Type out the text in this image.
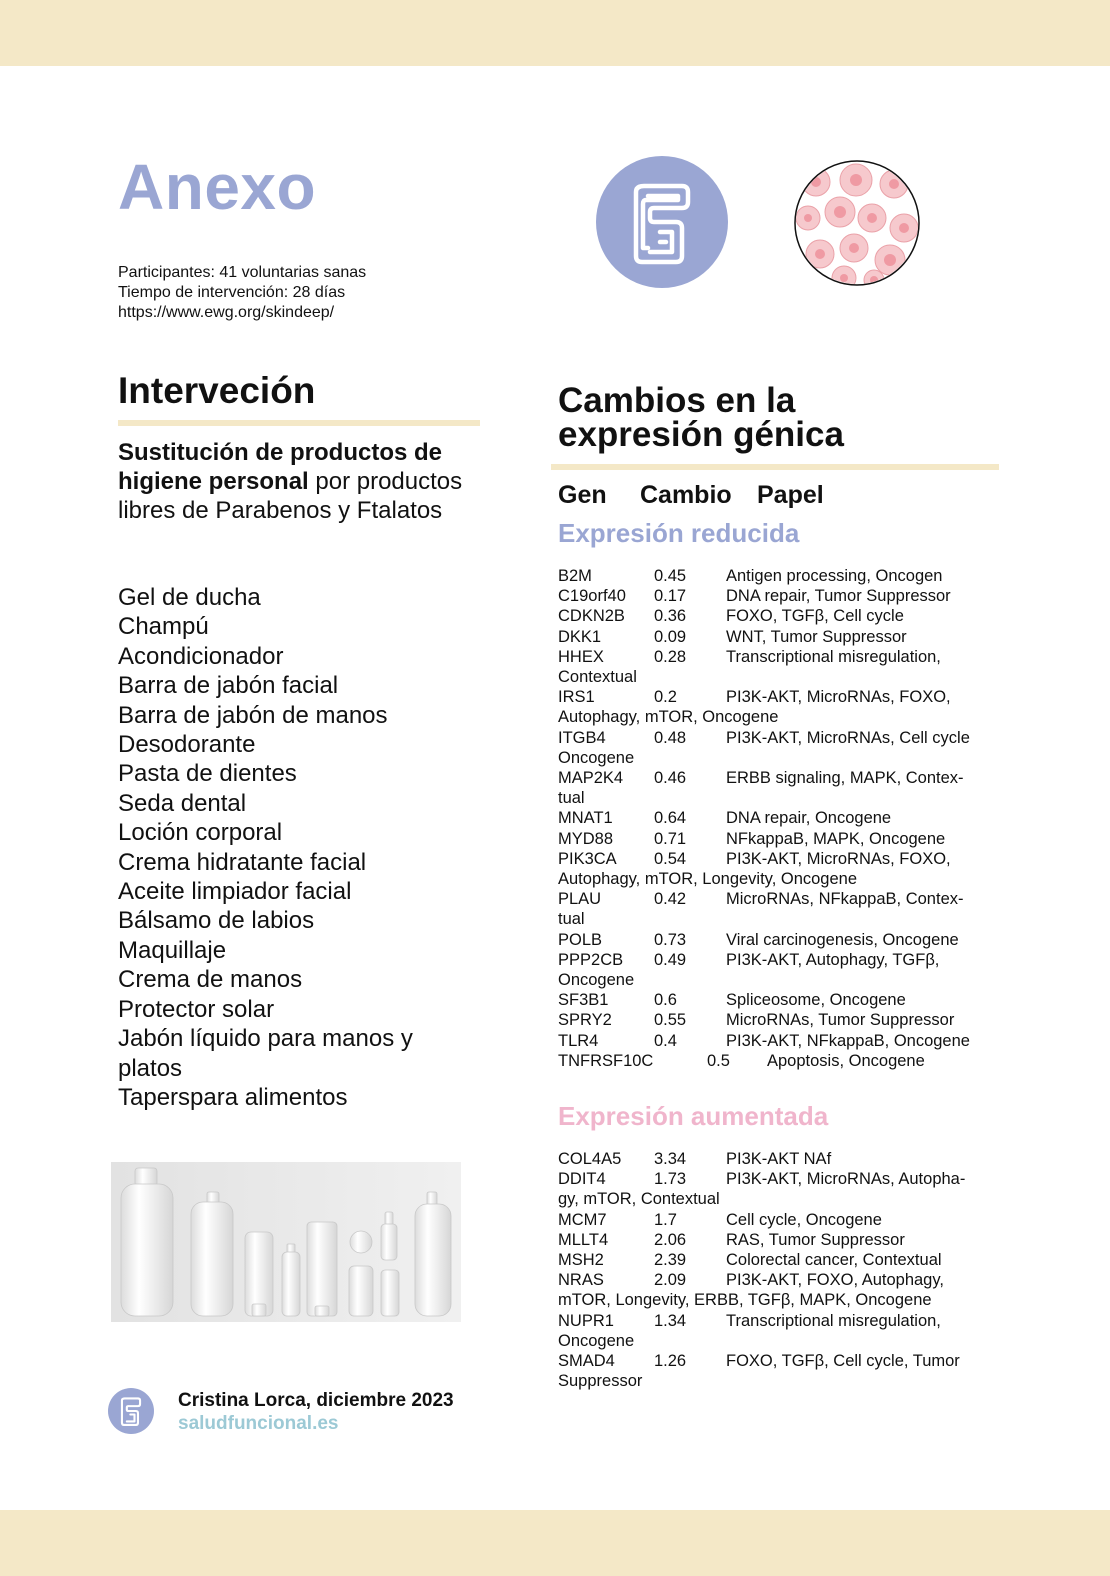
Anexo
Participantes: 41 voluntarias sanas
Tiempo de intervención: 28 días
https://www.ewg.org/skindeep/
Interveción
Sustitución de productos de higiene personal por productos libres de Parabenos y Ftalatos
Gel de ducha
Champú
Acondicionador
Barra de jabón facial
Barra de jabón de manos
Desodorante
Pasta de dientes
Seda dental
Loción corporal
Crema hidratante facial
Aceite limpiador facial
Bálsamo de labios
Maquillaje
Crema de manos
Protector solar
Jabón líquido para manos y platos
Taperspara alimentos
Cristina Lorca, diciembre 2023
saludfuncional.es
Cambios en la
expresión génica
Gen Cambio Papel
Expresión reducida
B2M	0.45	Antigen processing, Oncogen
C19orf40	0.17	DNA repair, Tumor Suppressor
CDKN2B	0.36	FOXO, TGFβ, Cell cycle
DKK1	0.09	WNT, Tumor Suppressor
HHEX	0.28	Transcriptional misregulation,
Contextual
IRS1	0.2	PI3K-AKT, MicroRNAs, FOXO,
Autophagy, mTOR, Oncogene
ITGB4	0.48	PI3K-AKT, MicroRNAs, Cell cycle
Oncogene
MAP2K4	0.46	ERBB signaling, MAPK, Contex-
tual
MNAT1	0.64	DNA repair, Oncogene
MYD88	0.71	NFkappaB, MAPK, Oncogene
PIK3CA	0.54	PI3K-AKT, MicroRNAs, FOXO,
Autophagy, mTOR, Longevity, Oncogene
PLAU	0.42	MicroRNAs, NFkappaB, Contex-
tual
POLB	0.73	Viral carcinogenesis, Oncogene
PPP2CB	0.49	PI3K-AKT, Autophagy, TGFβ,
Oncogene
SF3B1	0.6	Spliceosome, Oncogene
SPRY2	0.55	MicroRNAs, Tumor Suppressor
TLR4	0.4	PI3K-AKT, NFkappaB, Oncogene
TNFRSF10C	0.5	Apoptosis, Oncogene
Expresión aumentada
COL4A5	3.34	PI3K-AKT NAf
DDIT4	1.73	PI3K-AKT, MicroRNAs, Autopha-
gy, mTOR, Contextual
MCM7	1.7	Cell cycle, Oncogene
MLLT4	2.06	RAS, Tumor Suppressor
MSH2	2.39	Colorectal cancer, Contextual
NRAS	2.09	PI3K-AKT, FOXO, Autophagy,
mTOR, Longevity, ERBB, TGFβ, MAPK, Oncogene
NUPR1	1.34	Transcriptional misregulation,
Oncogene
SMAD4	1.26	FOXO, TGFβ, Cell cycle, Tumor
Suppressor
